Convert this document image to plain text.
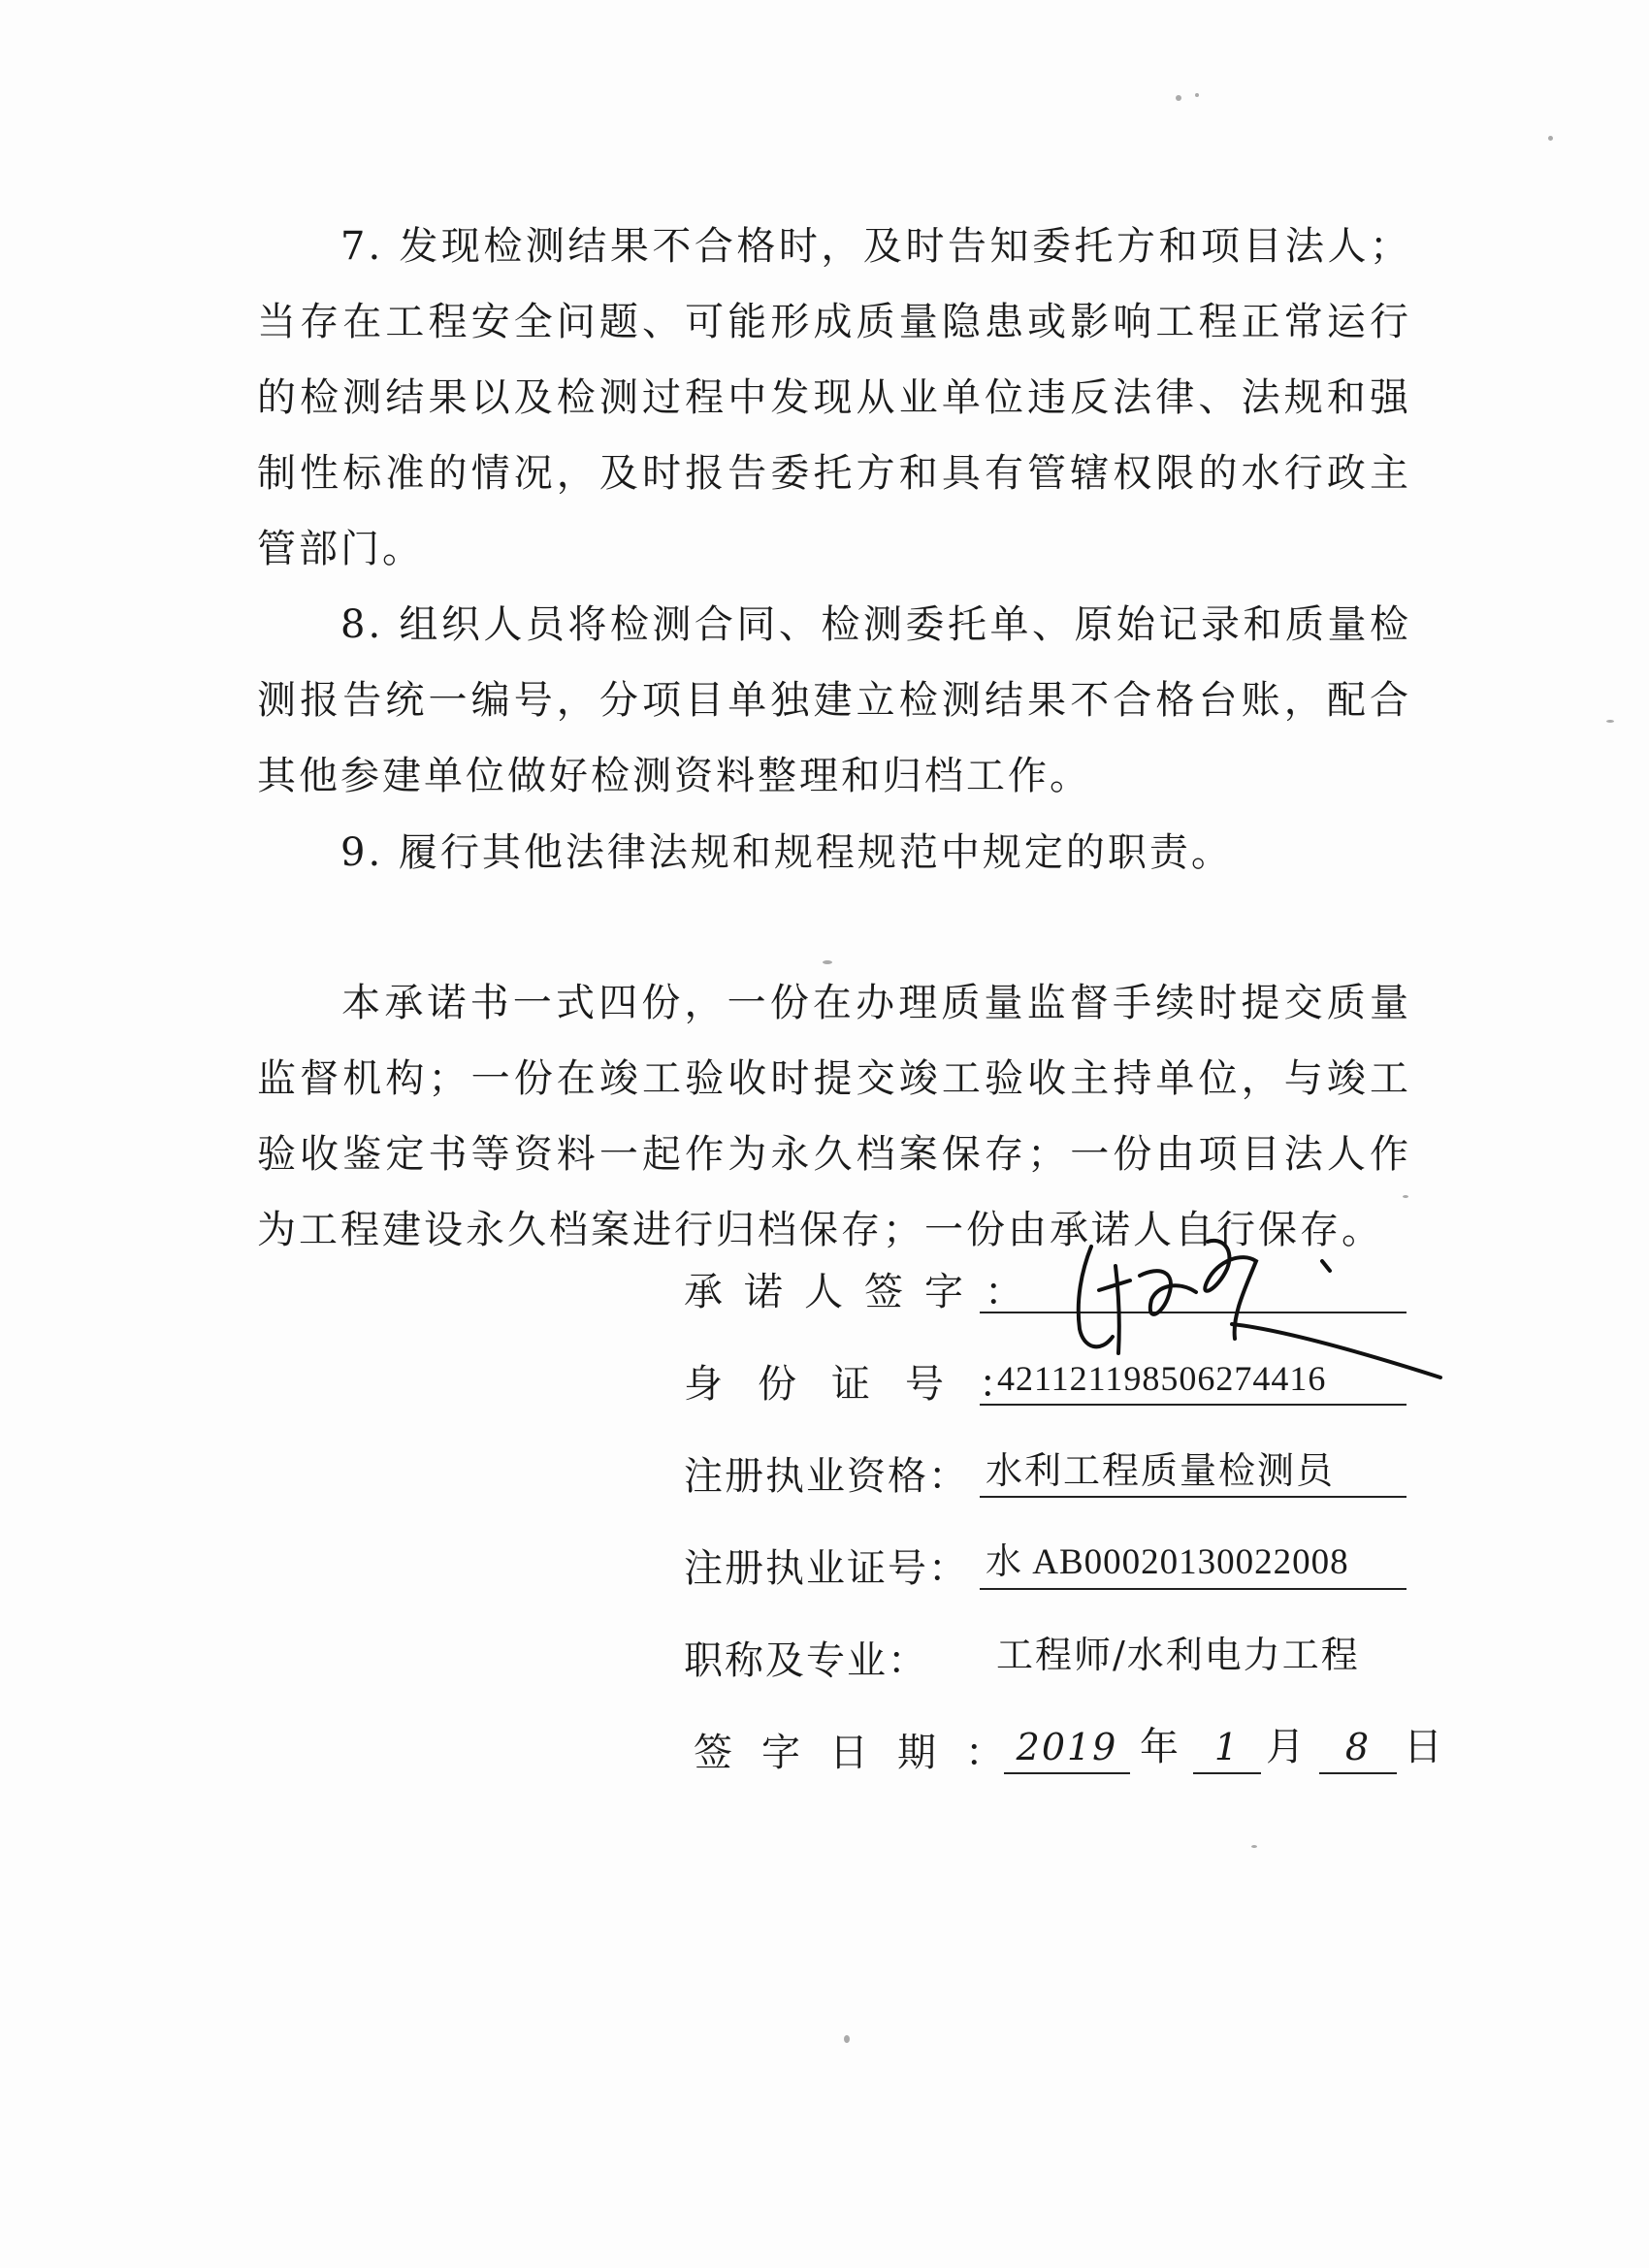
7. 发现检测结果不合格时，及时告知委托方和项目法人；当存在工程安全问题、可能形成质量隐患或影响工程正常运行的检测结果以及检测过程中发现从业单位违反法律、法规和强制性标准的情况，及时报告委托方和具有管辖权限的水行政主管部门。

8. 组织人员将检测合同、检测委托单、原始记录和质量检测报告统一编号，分项目单独建立检测结果不合格台账，配合其他参建单位做好检测资料整理和归档工作。

9. 履行其他法律法规和规程规范中规定的职责。

本承诺书一式四份，一份在办理质量监督手续时提交质量监督机构；一份在竣工验收时提交竣工验收主持单位，与竣工验收鉴定书等资料一起作为永久档案保存；一份由项目法人作为工程建设永久档案进行归档保存；一份由承诺人自行保存。

承诺人签字：
身份证号：
421121198506274416
注册执业资格： 水利工程质量检测员
注册执业证号： 水 AB00020130022008
职称及专业： 工程师/水利电力工程
签字日期：
2019 年 1 月	8 日
